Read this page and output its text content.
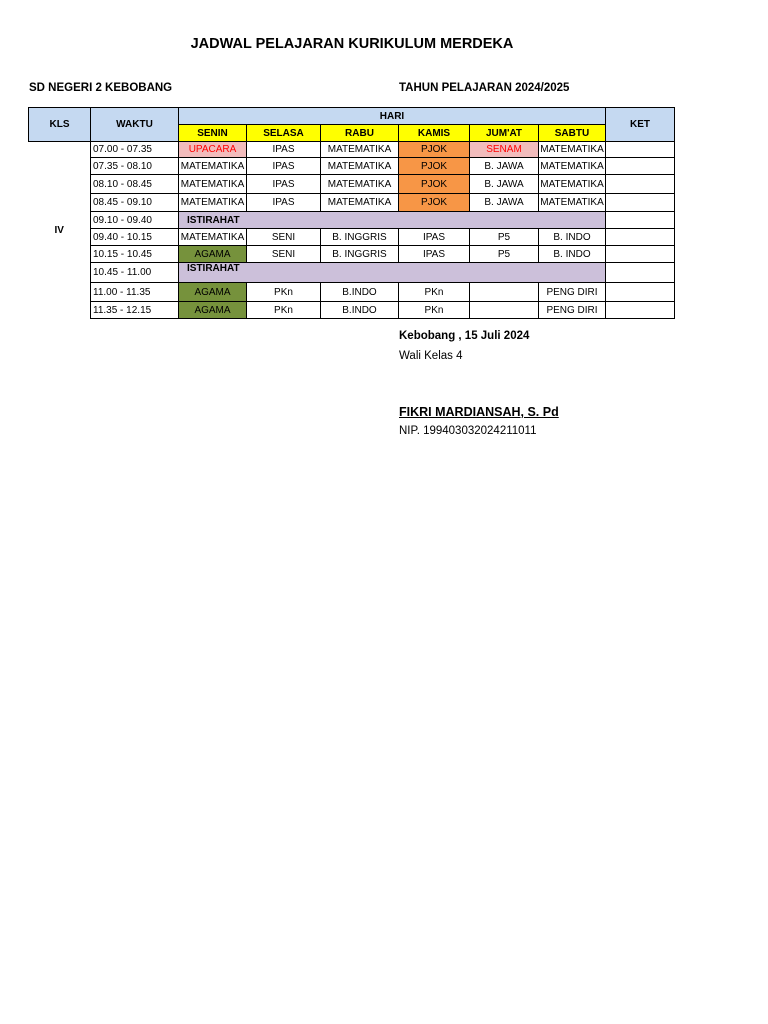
JADWAL PELAJARAN KURIKULUM MERDEKA
SD NEGERI 2 KEBOBANG	TAHUN PELAJARAN 2024/2025
KLS	WAKTU	HARI						KET
		SENIN	SELASA	RABU	KAMIS	JUM'AT	SABTU	
IV	07.00 - 07.35	UPACARA	IPAS	MATEMATIKA	PJOK	SENAM	MATEMATIKA	
	07.35 - 08.10	MATEMATIKA	IPAS	MATEMATIKA	PJOK	B. JAWA	MATEMATIKA	
	08.10 - 08.45	MATEMATIKA	IPAS	MATEMATIKA	PJOK	B. JAWA	MATEMATIKA	
	08.45 - 09.10	MATEMATIKA	IPAS	MATEMATIKA	PJOK	B. JAWA	MATEMATIKA	
	09.10 - 09.40	ISTIRAHAT						
	09.40 - 10.15	MATEMATIKA	SENI	B. INGGRIS	IPAS	P5	B. INDO	
	10.15 - 10.45	AGAMA	SENI	B. INGGRIS	IPAS	P5	B. INDO	
	10.45 - 11.00	ISTIRAHAT						
	11.00 - 11.35	AGAMA	PKn	B.INDO	PKn		PENG DIRI	
	11.35 - 12.15	AGAMA	PKn	B.INDO	PKn		PENG DIRI	
Kebobang , 15 Juli 2024
Wali Kelas 4
FIKRI MARDIANSAH, S. Pd
NIP. 199403032024211011
